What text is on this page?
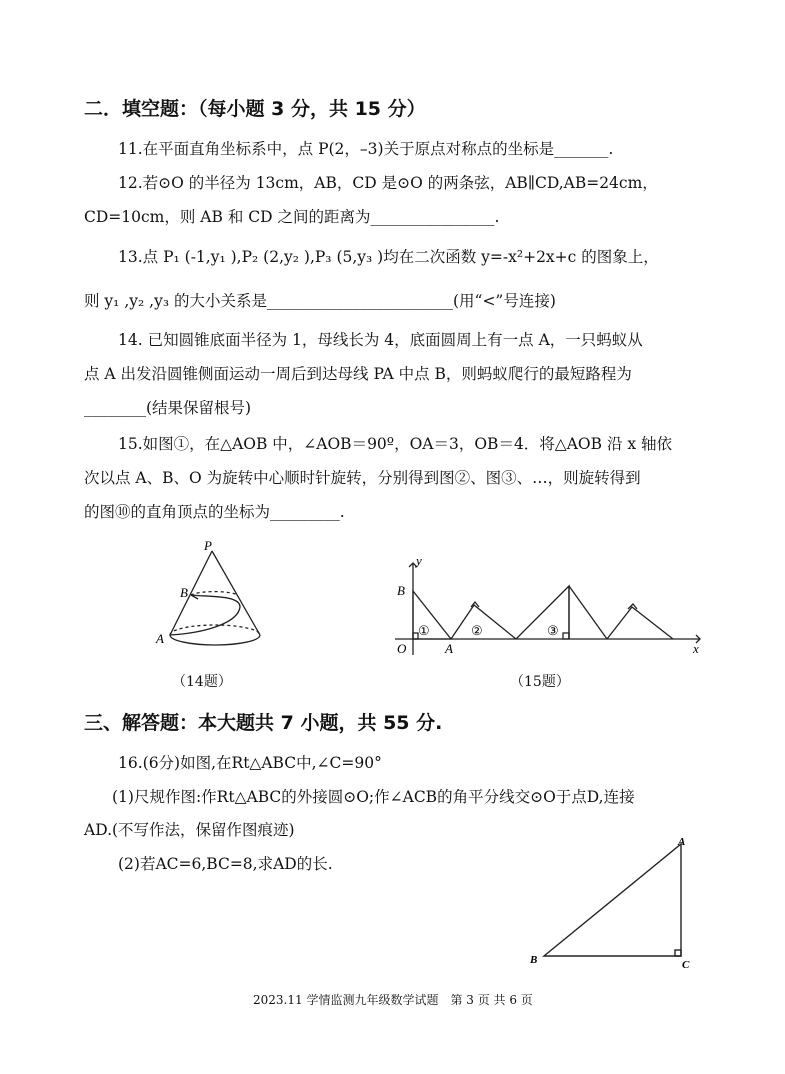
二．填空题：（每小题 3 分，共 15 分）
11.在平面直角坐标系中，点 P(2，–3)关于原点对称点的坐标是_______.
12.若⊙O 的半径为 13cm，AB，CD 是⊙O 的两条弦，AB∥CD,AB=24cm，
CD=10cm，则 AB 和 CD 之间的距离为________________.
13.点 P₁ (-1,y₁ ),P₂ (2,y₂ ),P₃ (5,y₃ )均在二次函数 y=-x²+2x+c 的图象上，
则 y₁ ,y₂ ,y₃ 的大小关系是________________________(用“<”号连接)
14. 已知圆锥底面半径为 1，母线长为 4，底面圆周上有一点 A，一只蚂蚁从
点 A 出发沿圆锥侧面运动一周后到达母线 PA 中点 B，则蚂蚁爬行的最短路程为
________(结果保留根号)
15.如图①，在△AOB 中，∠AOB＝90º，OA＝3，OB＝4．将△AOB 沿 x 轴依
次以点 A、B、O 为旋转中心顺时针旋转，分别得到图②、图③、…，则旋转得到
的图⑩的直角顶点的坐标为_________.
P
B
A
（14题）
y
x
B
O	A
①	②	③
（15题）
三、解答题：本大题共 7 小题，共 55 分.
16.(6分)如图,在Rt△ABC中,∠C=90°
(1)尺规作图:作Rt△ABC的外接圆⊙O;作∠ACB的角平分线交⊙O于点D,连接
AD.(不写作法，保留作图痕迹)
(2)若AC=6,BC=8,求AD的长.
A
B	C
2023.11 学情监测九年级数学试题　第 3 页 共 6 页
